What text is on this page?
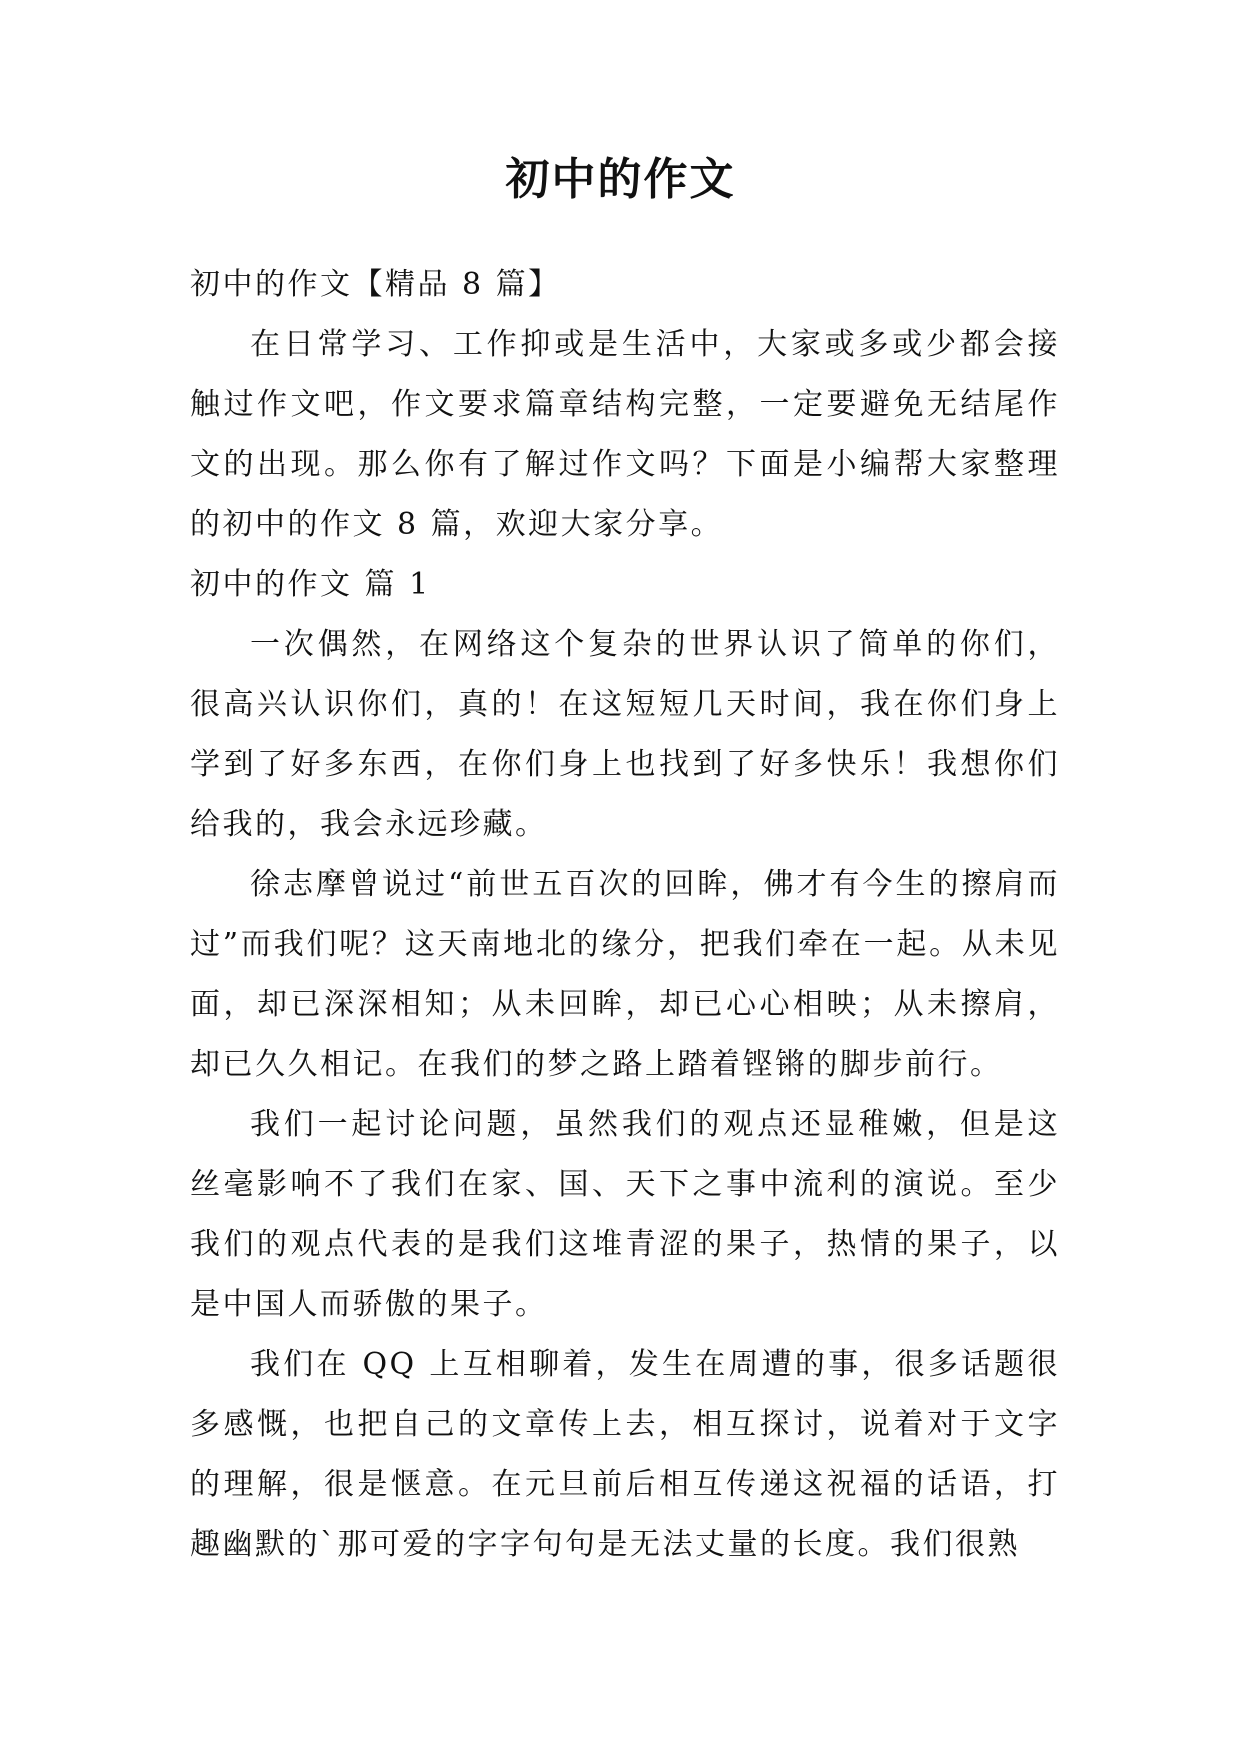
初中的作文

初中的作文【精品 8 篇】

在日常学习、工作抑或是生活中，大家或多或少都会接触过作文吧，作文要求篇章结构完整，一定要避免无结尾作文的出现。那么你有了解过作文吗？下面是小编帮大家整理的初中的作文 8 篇，欢迎大家分享。

初中的作文 篇 1

一次偶然，在网络这个复杂的世界认识了简单的你们，很高兴认识你们，真的！在这短短几天时间，我在你们身上学到了好多东西，在你们身上也找到了好多快乐！我想你们给我的，我会永远珍藏。

徐志摩曾说过“前世五百次的回眸，佛才有今生的擦肩而过”而我们呢？这天南地北的缘分，把我们牵在一起。从未见面，却已深深相知；从未回眸，却已心心相映；从未擦肩，却已久久相记。在我们的梦之路上踏着铿锵的脚步前行。

我们一起讨论问题，虽然我们的观点还显稚嫩，但是这丝毫影响不了我们在家、国、天下之事中流利的演说。至少我们的观点代表的是我们这堆青涩的果子，热情的果子，以是中国人而骄傲的果子。

我们在 QQ 上互相聊着，发生在周遭的事，很多话题很多感慨，也把自己的文章传上去，相互探讨，说着对于文字的理解，很是惬意。在元旦前后相互传递这祝福的话语，打趣幽默的`那可爱的字字句句是无法丈量的长度。我们很熟
